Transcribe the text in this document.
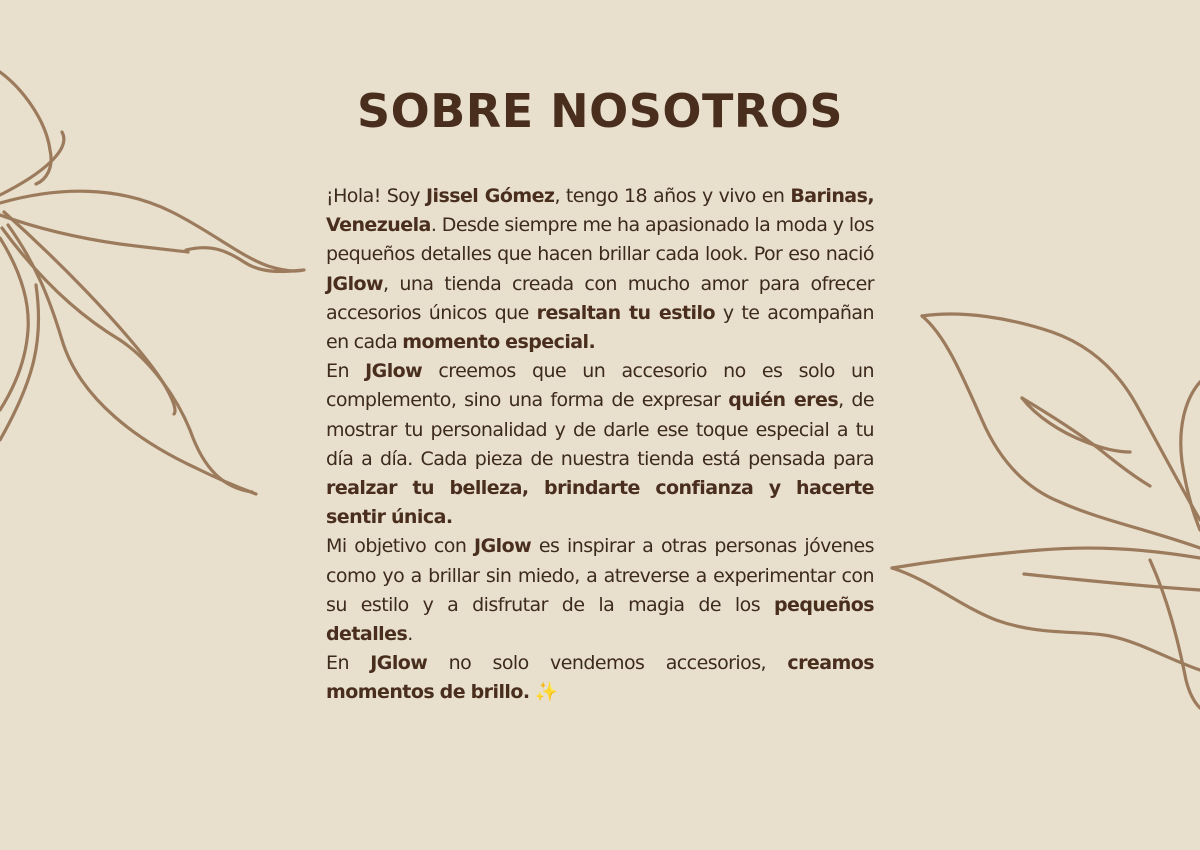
SOBRE NOSOTROS

¡Hola! Soy Jissel Gómez, tengo 18 años y vivo en Barinas, Venezuela. Desde siempre me ha apasionado la moda y los pequeños detalles que hacen brillar cada look. Por eso nació JGlow, una tienda creada con mucho amor para ofrecer accesorios únicos que resaltan tu estilo y te acompañan en cada momento especial.

En JGlow creemos que un accesorio no es solo un complemento, sino una forma de expresar quién eres, de mostrar tu personalidad y de darle ese toque especial a tu día a día. Cada pieza de nuestra tienda está pensada para realzar tu belleza, brindarte confianza y hacerte sentir única.

Mi objetivo con JGlow es inspirar a otras personas jóvenes como yo a brillar sin miedo, a atreverse a experimentar con su estilo y a disfrutar de la magia de los pequeños detalles.

En JGlow no solo vendemos accesorios, creamos momentos de brillo. ✨
